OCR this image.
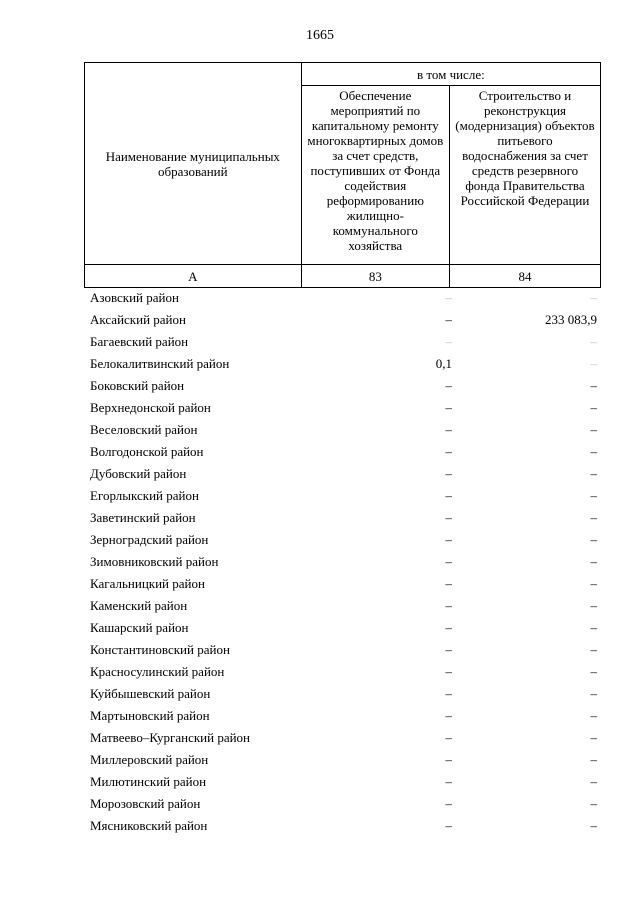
1665
Наименование муниципальных образований	в том числе:	
	Обеспечение мероприятий по капитальному ремонту многоквартирных домов за счет средств, поступивших от Фонда содействия реформированию жилищно-коммунального хозяйства	Строительство и реконструкция (модернизация) объектов питьевого водоснабжения за счет средств резервного фонда Правительства Российской Федерации
А	83	84
Азовский район	–	–
Аксайский район	–	233 083,9
Багаевский район	–	–
Белокалитвинский район	0,1	–
Боковский район	–	–
Верхнедонской район	–	–
Веселовский район	–	–
Волгодонской район	–	–
Дубовский район	–	–
Егорлыкский район	–	–
Заветинский район	–	–
Зерноградский район	–	–
Зимовниковский район	–	–
Кагальницкий район	–	–
Каменский район	–	–
Кашарский район	–	–
Константиновский район	–	–
Красносулинский район	–	–
Куйбышевский район	–	–
Мартыновский район	–	–
Матвеево–Курганский район	–	–
Миллеровский район	–	–
Милютинский район	–	–
Морозовский район	–	–
Мясниковский район	–	–
